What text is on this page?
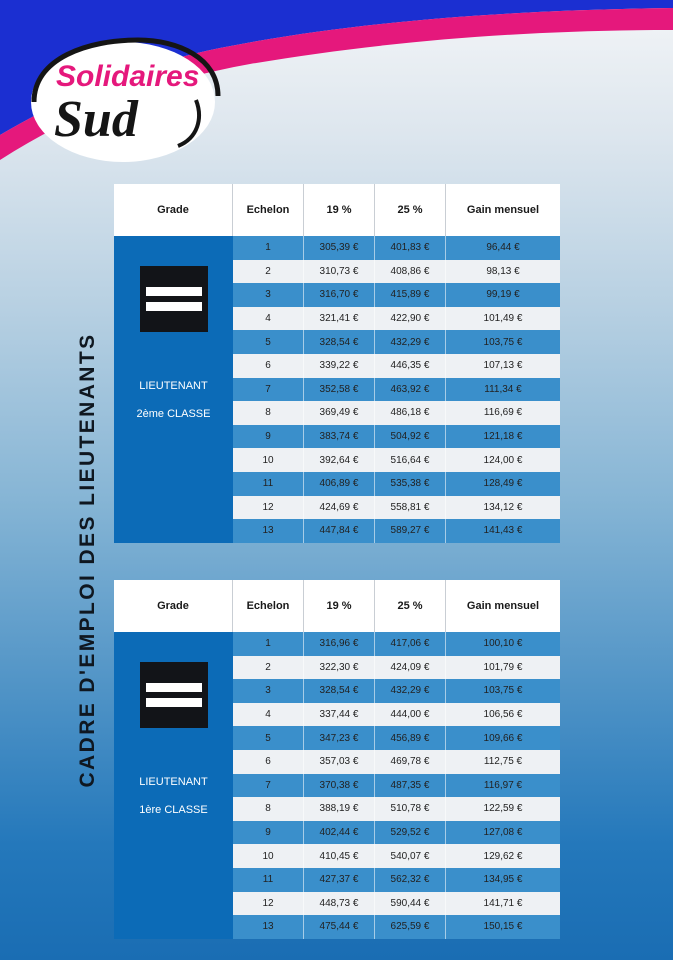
Solidaires
Sud
CADRE D'EMPLOI DES LIEUTENANTS
Grade	Echelon	19 %	25 %	Gain mensuel
LIEUTENANT
2ème CLASSE
1	305,39 €	401,83 €	96,44 €
2	310,73 €	408,86 €	98,13 €
3	316,70 €	415,89 €	99,19 €
4	321,41 €	422,90 €	101,49 €
5	328,54 €	432,29 €	103,75 €
6	339,22 €	446,35 €	107,13 €
7	352,58 €	463,92 €	111,34 €
8	369,49 €	486,18 €	116,69 €
9	383,74 €	504,92 €	121,18 €
10	392,64 €	516,64 €	124,00 €
11	406,89 €	535,38 €	128,49 €
12	424,69 €	558,81 €	134,12 €
13	447,84 €	589,27 €	141,43 €
Grade	Echelon	19 %	25 %	Gain mensuel
LIEUTENANT
1ère CLASSE
1	316,96 €	417,06 €	100,10 €
2	322,30 €	424,09 €	101,79 €
3	328,54 €	432,29 €	103,75 €
4	337,44 €	444,00 €	106,56 €
5	347,23 €	456,89 €	109,66 €
6	357,03 €	469,78 €	112,75 €
7	370,38 €	487,35 €	116,97 €
8	388,19 €	510,78 €	122,59 €
9	402,44 €	529,52 €	127,08 €
10	410,45 €	540,07 €	129,62 €
11	427,37 €	562,32 €	134,95 €
12	448,73 €	590,44 €	141,71 €
13	475,44 €	625,59 €	150,15 €
